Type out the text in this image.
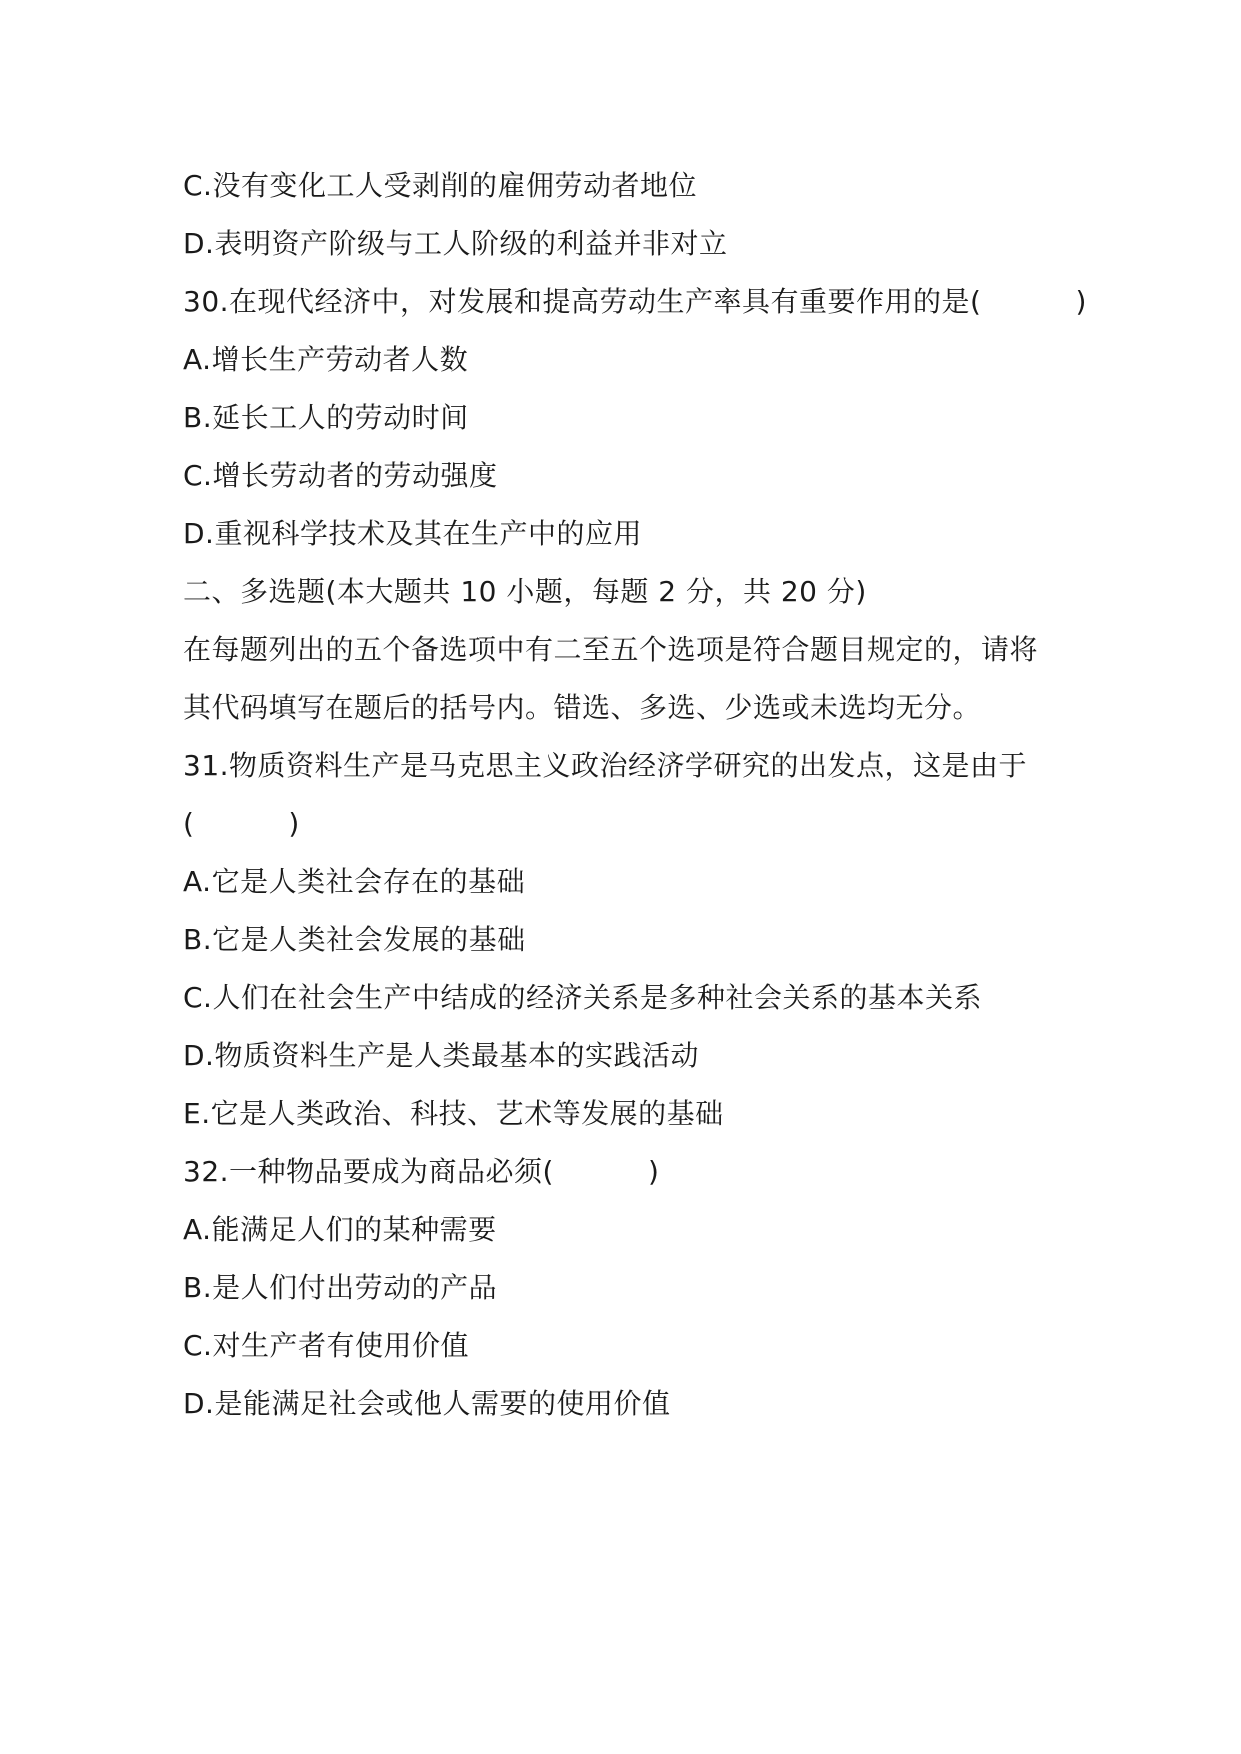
C.没有变化工人受剥削的雇佣劳动者地位
D.表明资产阶级与工人阶级的利益并非对立
30.在现代经济中，对发展和提高劳动生产率具有重要作用的是(          )
A.增长生产劳动者人数
B.延长工人的劳动时间
C.增长劳动者的劳动强度
D.重视科学技术及其在生产中的应用
二、多选题(本大题共 10 小题，每题 2 分，共 20 分)
在每题列出的五个备选项中有二至五个选项是符合题目规定的，请将
其代码填写在题后的括号内。错选、多选、少选或未选均无分。
31.物质资料生产是马克思主义政治经济学研究的出发点，这是由于
(          )
A.它是人类社会存在的基础
B.它是人类社会发展的基础
C.人们在社会生产中结成的经济关系是多种社会关系的基本关系
D.物质资料生产是人类最基本的实践活动
E.它是人类政治、科技、艺术等发展的基础
32.一种物品要成为商品必须(          )
A.能满足人们的某种需要
B.是人们付出劳动的产品
C.对生产者有使用价值
D.是能满足社会或他人需要的使用价值
